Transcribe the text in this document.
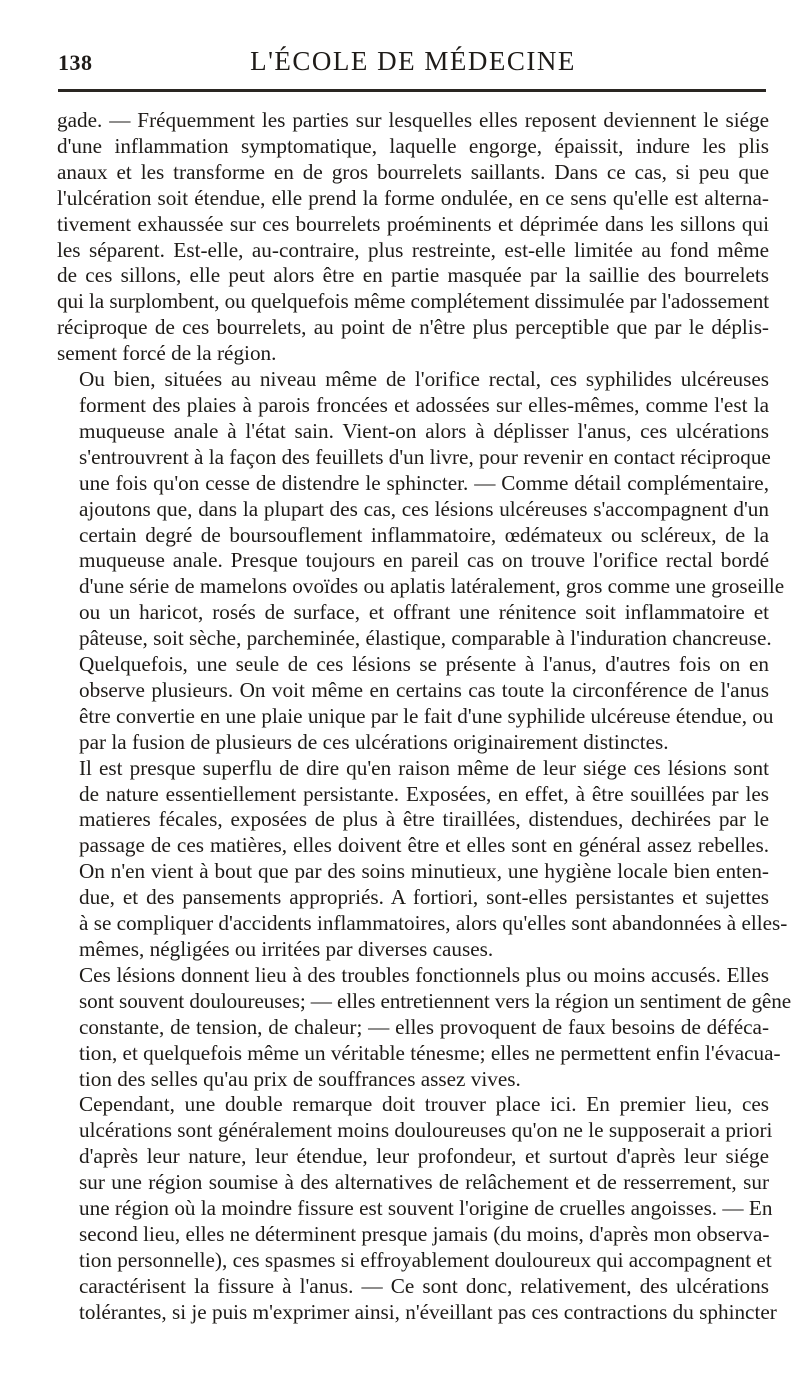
138	L'ÉCOLE DE MÉDECINE

gade. — Fréquemment les parties sur lesquelles elles reposent deviennent le siége
d'une inflammation symptomatique, laquelle engorge, épaissit, indure les plis
anaux et les transforme en de gros bourrelets saillants. Dans ce cas, si peu que
l'ulcération soit étendue, elle prend la forme ondulée, en ce sens qu'elle est alterna-
tivement exhaussée sur ces bourrelets proéminents et déprimée dans les sillons qui
les séparent. Est-elle, au-contraire, plus restreinte, est-elle limitée au fond même
de ces sillons, elle peut alors être en partie masquée par la saillie des bourrelets
qui la surplombent, ou quelquefois même complétement dissimulée par l'adossement
réciproque de ces bourrelets, au point de n'être plus perceptible que par le déplis-
sement forcé de la région.

Ou bien, situées au niveau même de l'orifice rectal, ces syphilides ulcéreuses
forment des plaies à parois froncées et adossées sur elles-mêmes, comme l'est la
muqueuse anale à l'état sain. Vient-on alors à déplisser l'anus, ces ulcérations
s'entrouvrent à la façon des feuillets d'un livre, pour revenir en contact réciproque
une fois qu'on cesse de distendre le sphincter. — Comme détail complémentaire,
ajoutons que, dans la plupart des cas, ces lésions ulcéreuses s'accompagnent d'un
certain degré de boursouflement inflammatoire, œdémateux ou scléreux, de la
muqueuse anale. Presque toujours en pareil cas on trouve l'orifice rectal bordé
d'une série de mamelons ovoïdes ou aplatis latéralement, gros comme une groseille
ou un haricot, rosés de surface, et offrant une rénitence soit inflammatoire et
pâteuse, soit sèche, parcheminée, élastique, comparable à l'induration chancreuse.
Quelquefois, une seule de ces lésions se présente à l'anus, d'autres fois on en
observe plusieurs. On voit même en certains cas toute la circonférence de l'anus
être convertie en une plaie unique par le fait d'une syphilide ulcéreuse étendue, ou
par la fusion de plusieurs de ces ulcérations originairement distinctes.

Il est presque superflu de dire qu'en raison même de leur siége ces lésions sont
de nature essentiellement persistante. Exposées, en effet, à être souillées par les
matieres fécales, exposées de plus à être tiraillées, distendues, dechirées par le
passage de ces matières, elles doivent être et elles sont en général assez rebelles.
On n'en vient à bout que par des soins minutieux, une hygiène locale bien enten-
due, et des pansements appropriés. A fortiori, sont-elles persistantes et sujettes
à se compliquer d'accidents inflammatoires, alors qu'elles sont abandonnées à elles-
mêmes, négligées ou irritées par diverses causes.

Ces lésions donnent lieu à des troubles fonctionnels plus ou moins accusés. Elles
sont souvent douloureuses; — elles entretiennent vers la région un sentiment de gêne
constante, de tension, de chaleur; — elles provoquent de faux besoins de déféca-
tion, et quelquefois même un véritable ténesme; elles ne permettent enfin l'évacua-
tion des selles qu'au prix de souffrances assez vives.

Cependant, une double remarque doit trouver place ici. En premier lieu, ces
ulcérations sont généralement moins douloureuses qu'on ne le supposerait a priori
d'après leur nature, leur étendue, leur profondeur, et surtout d'après leur siége
sur une région soumise à des alternatives de relâchement et de resserrement, sur
une région où la moindre fissure est souvent l'origine de cruelles angoisses. — En
second lieu, elles ne déterminent presque jamais (du moins, d'après mon observa-
tion personnelle), ces spasmes si effroyablement douloureux qui accompagnent et
caractérisent la fissure à l'anus. — Ce sont donc, relativement, des ulcérations
tolérantes, si je puis m'exprimer ainsi, n'éveillant pas ces contractions du sphincter
